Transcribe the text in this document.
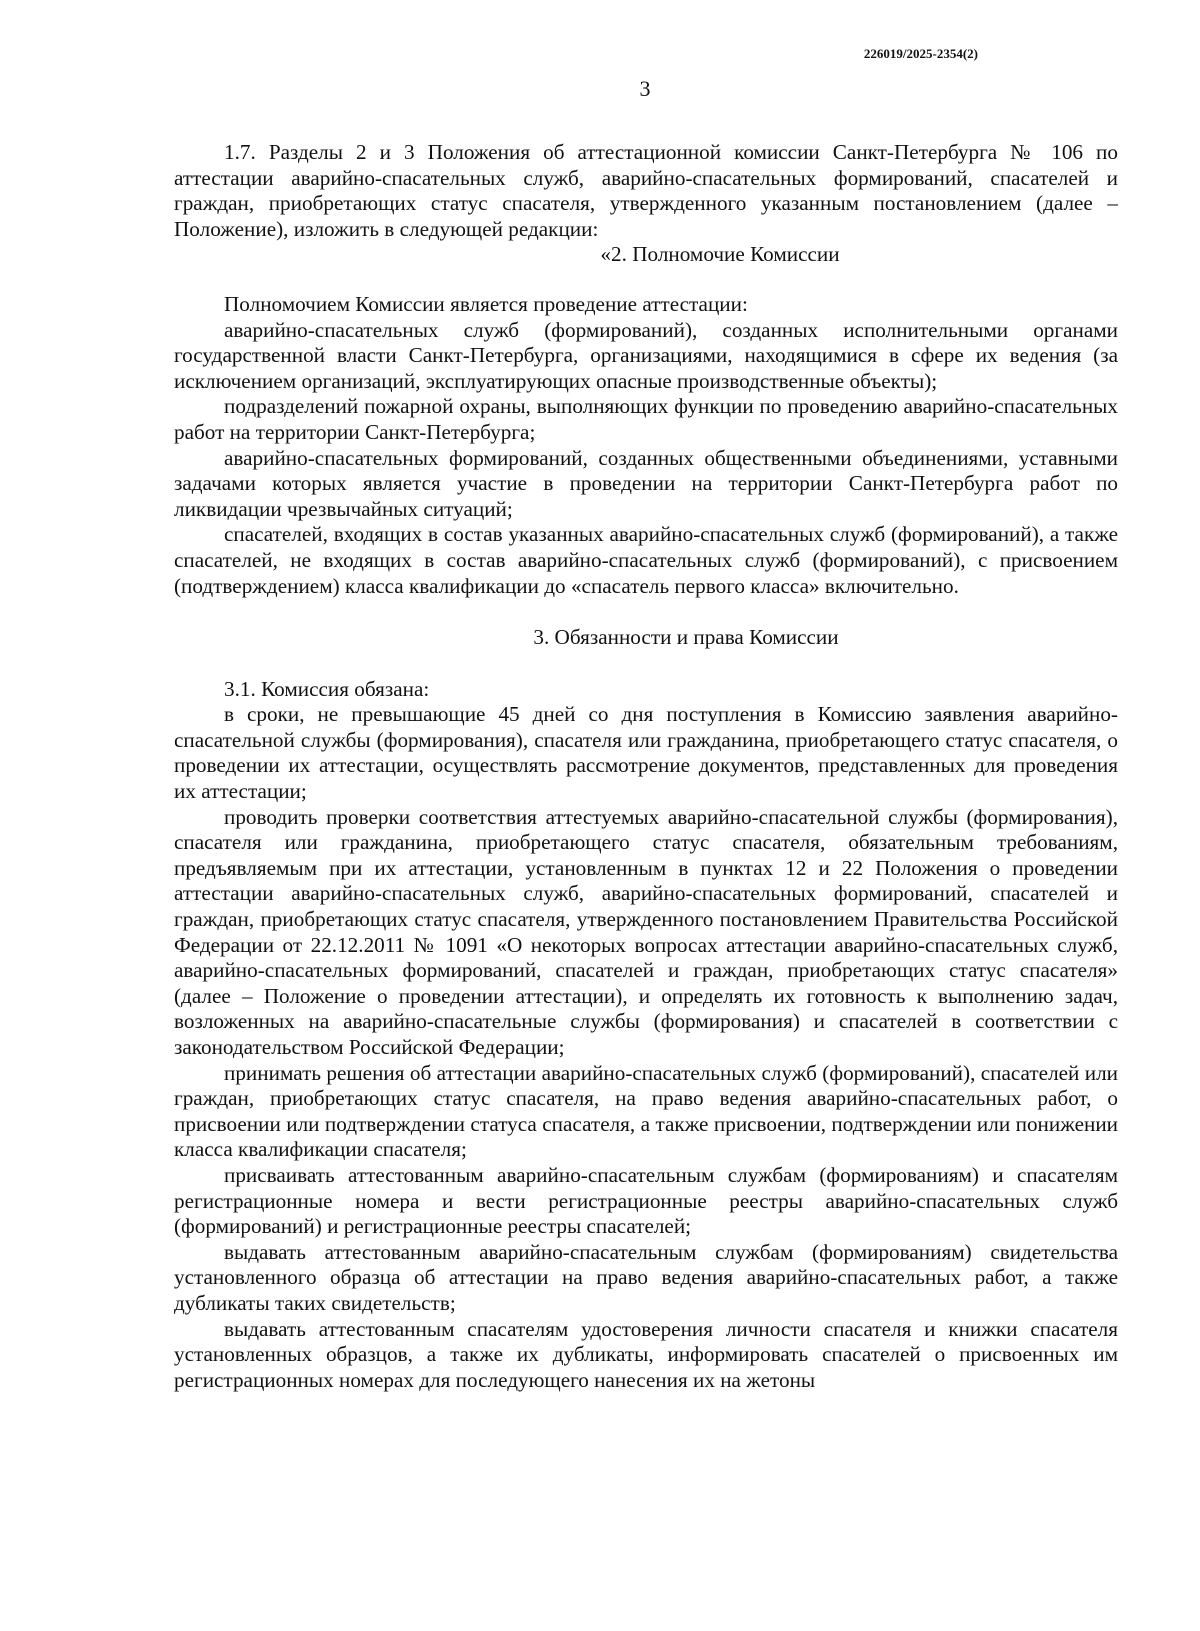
226019/2025-2354(2)
3

1.7. Разделы 2 и 3 Положения об аттестационной комиссии Санкт-Петербурга № 106 по аттестации аварийно-спасательных служб, аварийно-спасательных формирований, спасателей и граждан, приобретающих статус спасателя, утвержденного указанным постановлением (далее – Положение), изложить в следующей редакции:

«2. Полномочие Комиссии

Полномочием Комиссии является проведение аттестации:

аварийно-спасательных служб (формирований), созданных исполнительными органами государственной власти Санкт-Петербурга, организациями, находящимися в сфере их ведения (за исключением организаций, эксплуатирующих опасные производственные объекты);

подразделений пожарной охраны, выполняющих функции по проведению аварийно-спасательных работ на территории Санкт-Петербурга;

аварийно-спасательных формирований, созданных общественными объединениями, уставными задачами которых является участие в проведении на территории Санкт-Петербурга работ по ликвидации чрезвычайных ситуаций;

спасателей, входящих в состав указанных аварийно-спасательных служб (формирований), а также спасателей, не входящих в состав аварийно-спасательных служб (формирований), с присвоением (подтверждением) класса квалификации до «спасатель первого класса» включительно.

3. Обязанности и права Комиссии

3.1. Комиссия обязана:

в сроки, не превышающие 45 дней со дня поступления в Комиссию заявления аварийно-спасательной службы (формирования), спасателя или гражданина, приобретающего статус спасателя, о проведении их аттестации, осуществлять рассмотрение документов, представленных для проведения их аттестации;

проводить проверки соответствия аттестуемых аварийно-спасательной службы (формирования), спасателя или гражданина, приобретающего статус спасателя, обязательным требованиям, предъявляемым при их аттестации, установленным в пунктах 12 и 22 Положения о проведении аттестации аварийно-спасательных служб, аварийно-спасательных формирований, спасателей и граждан, приобретающих статус спасателя, утвержденного постановлением Правительства Российской Федерации от 22.12.2011 № 1091 «О некоторых вопросах аттестации аварийно-спасательных служб, аварийно-спасательных формирований, спасателей и граждан, приобретающих статус спасателя» (далее – Положение о проведении аттестации), и определять их готовность к выполнению задач, возложенных на аварийно-спасательные службы (формирования) и спасателей в соответствии с законодательством Российской Федерации;

принимать решения об аттестации аварийно-спасательных служб (формирований), спасателей или граждан, приобретающих статус спасателя, на право ведения аварийно-спасательных работ, о присвоении или подтверждении статуса спасателя, а также присвоении, подтверждении или понижении класса квалификации спасателя;

присваивать аттестованным аварийно-спасательным службам (формированиям) и спасателям регистрационные номера и вести регистрационные реестры аварийно-спасательных служб (формирований) и регистрационные реестры спасателей;

выдавать аттестованным аварийно-спасательным службам (формированиям) свидетельства установленного образца об аттестации на право ведения аварийно-спасательных работ, а также дубликаты таких свидетельств;

выдавать аттестованным спасателям удостоверения личности спасателя и книжки спасателя установленных образцов, а также их дубликаты, информировать спасателей о присвоенных им регистрационных номерах для последующего нанесения их на жетоны
